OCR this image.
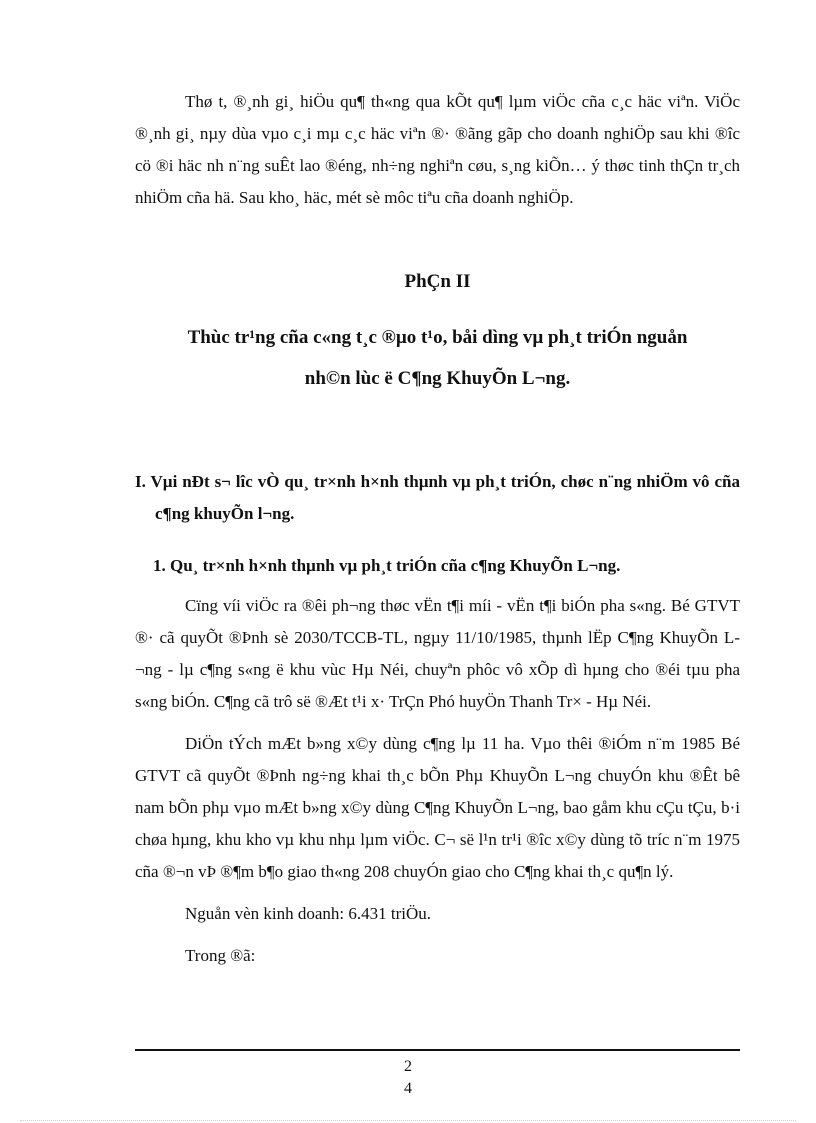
Thø t, ®¸nh gi¸ hiÖu qu¶ th«ng qua kÕt qu¶ lµm viÖc cña c¸c häc viªn. ViÖc ®¸nh gi¸ nµy dùa vµo c¸i mµ c¸c häc viªn ®· ®ãng gãp cho doanh nghiÖp sau khi ®îc cö ®i häc nh n¨ng suÊt lao ®éng, nh÷ng nghiªn cøu, s¸ng kiÕn… ý thøc tinh thÇn tr¸ch nhiÖm cña hä. Sau kho¸ häc, mét sè môc tiªu cña doanh nghiÖp.

PhÇn II

Thùc tr¹ng cña c«ng t¸c ®µo t¹o, båi dìng vµ ph¸t triÓn nguån

nh©n lùc ë C¶ng KhuyÕn L¬ng.

I. Vµi nÐt s¬ lîc vÒ qu¸ tr×nh h×nh thµnh vµ ph¸t triÓn, chøc n¨ng nhiÖm vô cña c¶ng khuyÕn l¬ng.

1. Qu¸ tr×nh h×nh thµnh vµ ph¸t triÓn cña c¶ng KhuyÕn L¬ng.

Cïng víi viÖc ra ®êi ph¬ng thøc vËn t¶i míi - vËn t¶i biÓn pha s«ng. Bé GTVT ®· cã quyÕt ®Þnh sè 2030/TCCB-TL, ngµy 11/10/1985, thµnh lËp C¶ng KhuyÕn L¬ng - lµ c¶ng s«ng ë khu vùc Hµ Néi, chuyªn phôc vô xÕp dì hµng cho ®éi tµu pha s«ng biÓn. C¶ng cã trô së ®Æt t¹i x· TrÇn Phó huyÖn Thanh Tr× - Hµ Néi.

DiÖn tÝch mÆt b»ng x©y dùng c¶ng lµ 11 ha. Vµo thêi ®iÓm n¨m 1985 Bé GTVT cã quyÕt ®Þnh ng÷ng khai th¸c bÕn Phµ KhuyÕn L¬ng chuyÓn khu ®Êt bê nam bÕn phµ vµo mÆt b»ng x©y dùng C¶ng KhuyÕn L¬ng, bao gåm khu cÇu tÇu, b·i chøa hµng, khu kho vµ khu nhµ lµm viÖc. C¬ së l¹n tr¹i ®îc x©y dùng tõ tríc n¨m 1975 cña ®¬n vÞ ®¶m b¶o giao th«ng 208 chuyÓn giao cho C¶ng khai th¸c qu¶n lý.

Nguån vèn kinh doanh: 6.431 triÖu.

Trong ®ã:

2
4
